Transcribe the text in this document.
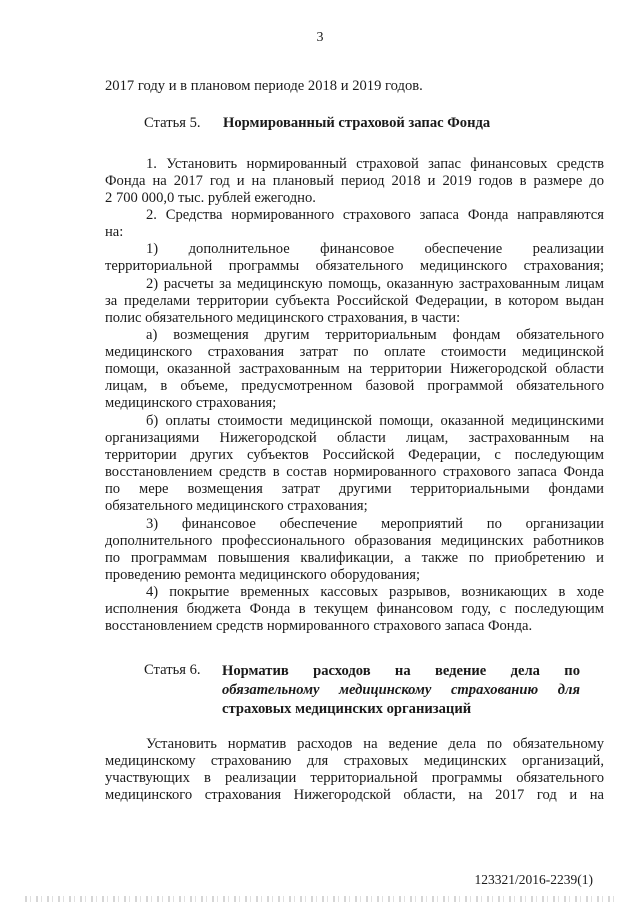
3
2017 году и в плановом периоде 2018 и 2019 годов.
Статья 5. Нормированный страховой запас Фонда
1. Установить нормированный страховой запас финансовых средств
Фонда на 2017 год и на плановый период 2018 и 2019 годов в размере до
2 700 000,0 тыс. рублей ежегодно.
2. Средства нормированного страхового запаса Фонда направляются
на:
1) дополнительное финансовое обеспечение реализации
территориальной программы обязательного медицинского страхования;
2) расчеты за медицинскую помощь, оказанную застрахованным лицам
за пределами территории субъекта Российской Федерации, в котором выдан
полис обязательного медицинского страхования, в части:
а) возмещения другим территориальным фондам обязательного
медицинского страхования затрат по оплате стоимости медицинской
помощи, оказанной застрахованным на территории Нижегородской области
лицам, в объеме, предусмотренном базовой программой обязательного
медицинского страхования;
б) оплаты стоимости медицинской помощи, оказанной медицинскими
организациями Нижегородской области лицам, застрахованным на
территории других субъектов Российской Федерации, с последующим
восстановлением средств в состав нормированного страхового запаса Фонда
по мере возмещения затрат другими территориальными фондами
обязательного медицинского страхования;
3) финансовое обеспечение мероприятий по организации
дополнительного профессионального образования медицинских работников
по программам повышения квалификации, а также по приобретению и
проведению ремонта медицинского оборудования;
4) покрытие временных кассовых разрывов, возникающих в ходе
исполнения бюджета Фонда в текущем финансовом году, с последующим
восстановлением средств нормированного страхового запаса Фонда.
Статья 6. Норматив расходов на ведение дела по
обязательному медицинскому страхованию для
страховых медицинских организаций
Установить норматив расходов на ведение дела по обязательному
медицинскому страхованию для страховых медицинских организаций,
участвующих в реализации территориальной программы обязательного
медицинского страхования Нижегородской области, на 2017 год и на
123321/2016-2239(1)
